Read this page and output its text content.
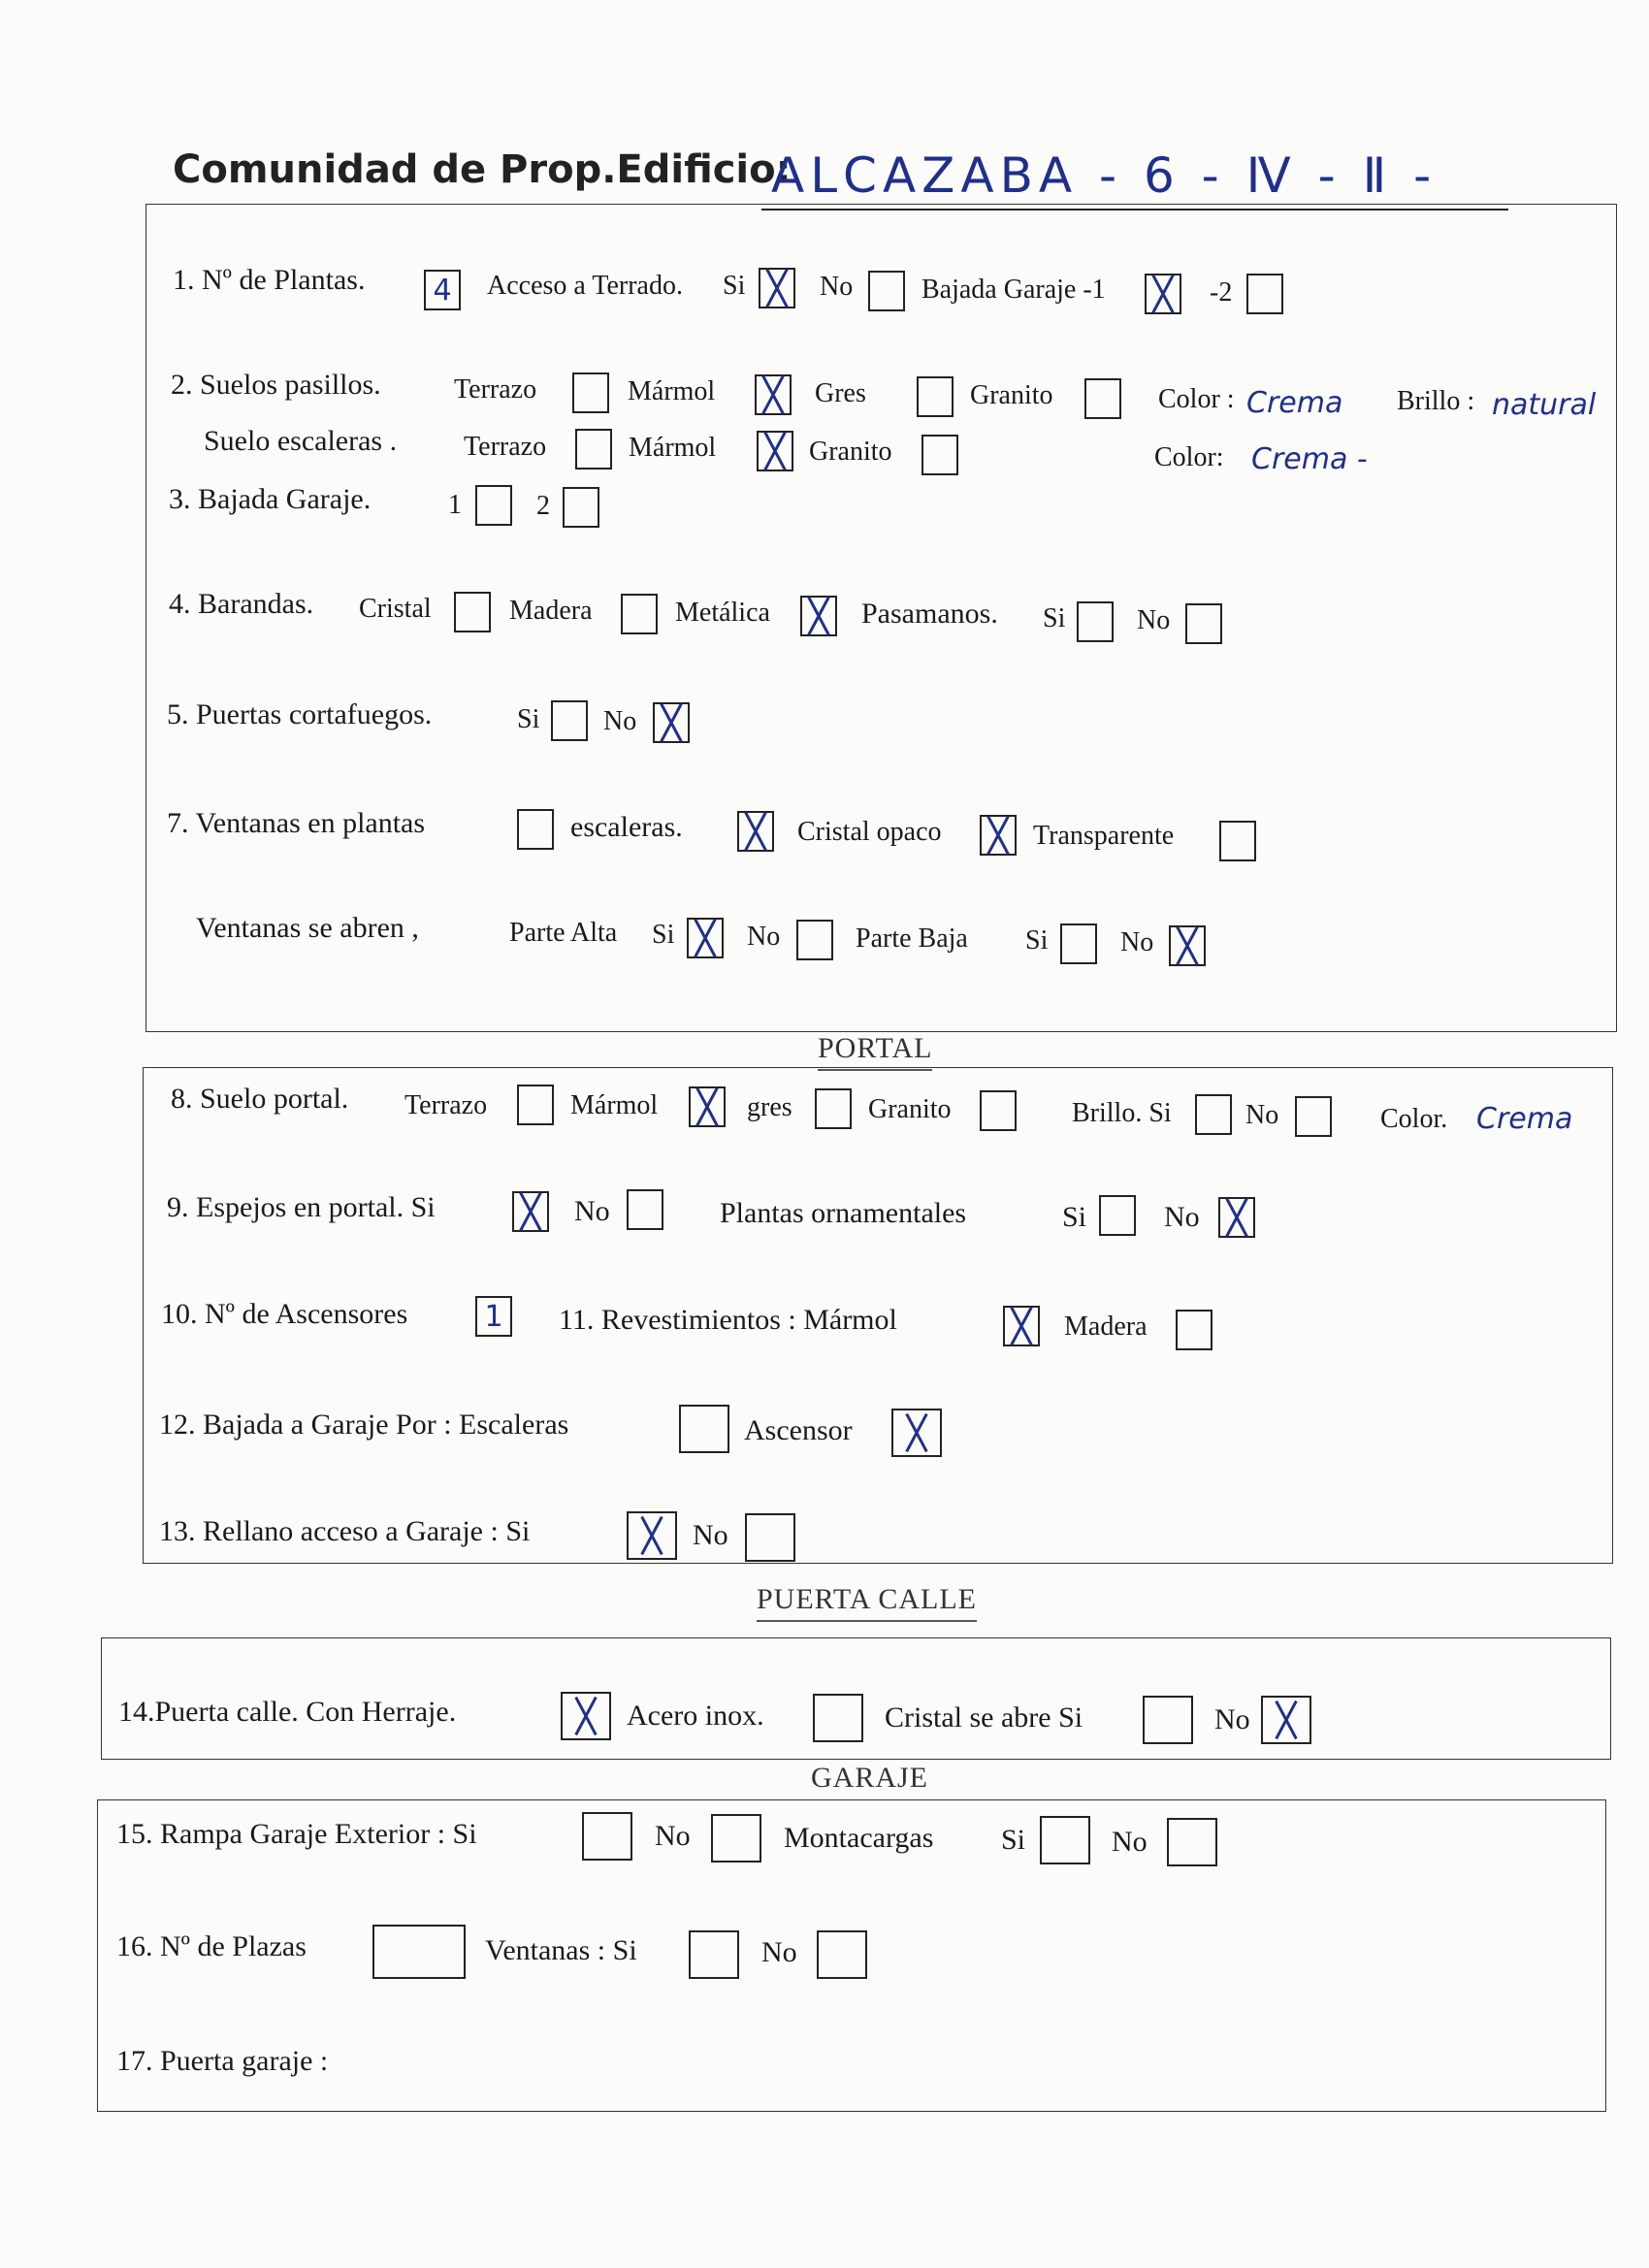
Comunidad de Prop.Edificio:
ALCAZABA - 6 - Ⅳ - Ⅱ -
1. Nº de Plantas. 4 Acceso a Terrado. Si	No	Bajada Garaje -1	-2
2. Suelos pasillos.	Terrazo	Mármol	Gres	Granito	Color : Crema Brillo : natural
Suelo escaleras . Terrazo	Mármol	Granito	Color: Crema -
3. Bajada Garaje.	1	2
4. Barandas. Cristal	Madera	Metálica	Pasamanos. Si	No
5. Puertas cortafuegos.	Si No
7. Ventanas en plantas	escaleras.	Cristal opaco	Transparente
Ventanas se abren ,	Parte Alta Si	No	Parte Baja Si	No
PORTAL
8. Suelo portal. Terrazo	Mármol	gres	Granito	Brillo. Si	No	Color. Crema
9. Espejos en portal. Si	No	Plantas ornamentales	Si	No
10. Nº de Ascensores	1 11. Revestimientos : Mármol	Madera
12. Bajada a Garaje Por : Escaleras	Ascensor
13. Rellano acceso a Garaje : Si	No
PUERTA CALLE
14.Puerta calle. Con Herraje.	Acero inox.	Cristal se abre Si	No
GARAJE
15. Rampa Garaje Exterior : Si	No	Montacargas Si	No
16. Nº de Plazas	Ventanas : Si	No
17. Puerta garaje :
